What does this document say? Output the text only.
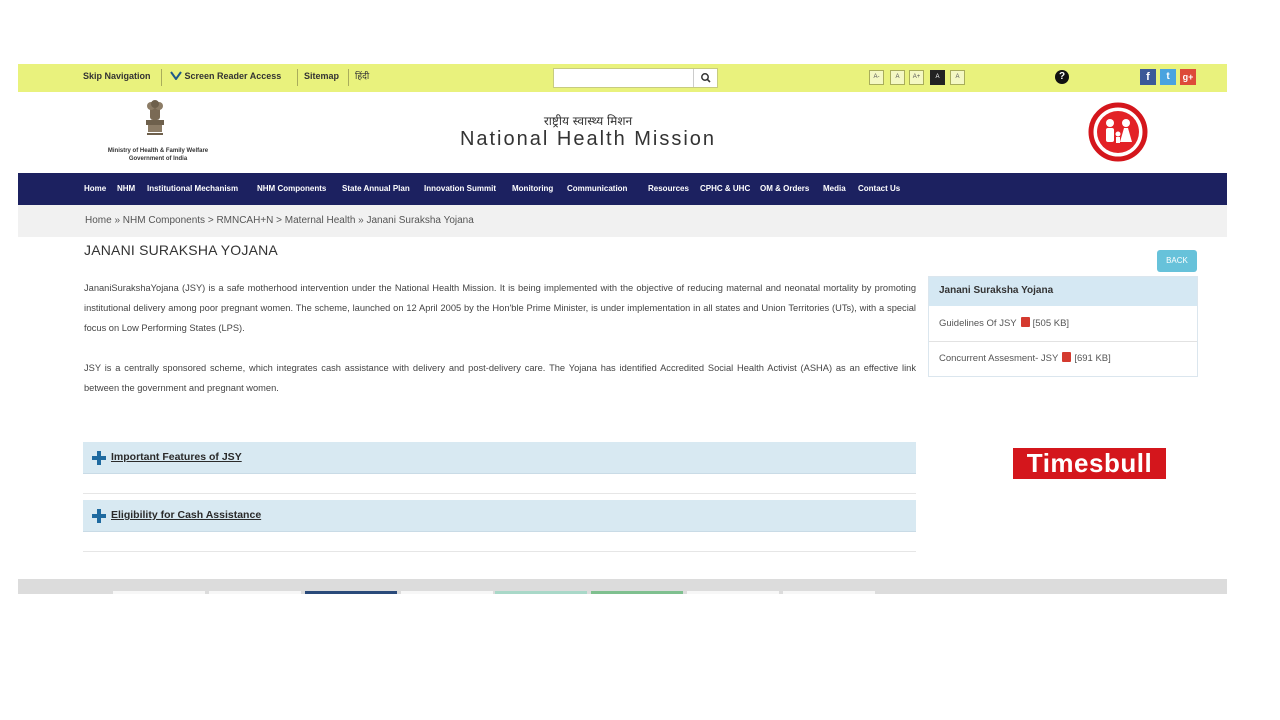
Skip Navigation	Screen Reader Access	Sitemap हिंदी	A-	A	A+	A	A	?	f	t	g+
Ministry of Health & Family Welfare
Government of India
राष्ट्रीय स्वास्थ्य मिशन
National Health Mission
Home NHM Institutional Mechanism NHM Components State Annual Plan Innovation Summit Monitoring Communication	Resources CPHC & UHC OM & Orders Media Contact Us
Home » NHM Components > RMNCAH+N > Maternal Health » Janani Suraksha Yojana
JANANI SURAKSHA YOJANA

JananiSurakshaYojana (JSY) is a safe motherhood intervention under the National Health Mission. It is being implemented with the objective of reducing maternal and neonatal mortality by promoting institutional delivery among poor pregnant women. The scheme, launched on 12 April 2005 by the Hon'ble Prime Minister, is under implementation in all states and Union Territories (UTs), with a special focus on Low Performing States (LPS).

JSY is a centrally sponsored scheme, which integrates cash assistance with delivery and post-delivery care. The Yojana has identified Accredited Social Health Activist (ASHA) as an effective link between the government and pregnant women.

Important Features of JSY
Eligibility for Cash Assistance
BACK
Janani Suraksha Yojana
Guidelines Of JSY [505 KB]
Concurrent Assesment- JSY [691 KB]
Timesbull
